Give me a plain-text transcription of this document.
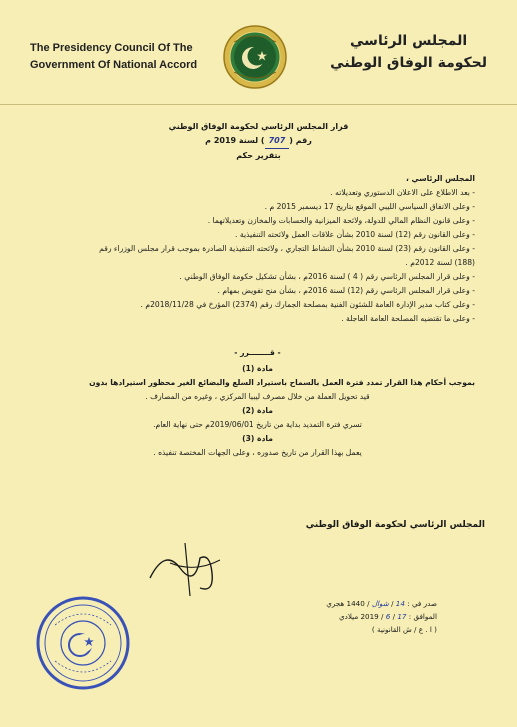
The Presidency Council Of The
Government Of National Accord
المجلس الرئاسي
لحكومة الوفاق الوطني
قرار المجلس الرئاسي لحكومة الوفاق الوطني
رقم (707) لسنة 2019 م
بتقرير حكم
المجلس الرئاسي ،
- بعد الاطلاع على الاعلان الدستوري وتعديلاته .
- وعلى الاتفاق السياسي الليبي الموقع بتاريخ 17 ديسمبر 2015 م .
- وعلى قانون النظام المالي للدولة، ولائحة الميزانية والحسابات والمخازن وتعديلاتهما .
- وعلى القانون رقم (12) لسنة 2010 بشأن علاقات العمل ولائحته التنفيذية .
- وعلى القانون رقم (23) لسنة 2010 بشأن النشاط التجاري ، ولائحته التنفيذية الصادرة بموجب قرار مجلس الوزراء رقم
(188) لسنة 2012م .
- وعلى قرار المجلس الرئاسي رقم ( 4 ) لسنة 2016م ، بشأن تشكيل حكومة الوفاق الوطني .
- وعلى قرار المجلس الرئاسي رقم (12) لسنة 2016م ، بشأن منح تفويض بمهام .
- وعلى كتاب مدير الإدارة العامة للشئون الفنية بمصلحة الجمارك رقم (2374) المؤرخ في 2018/11/28م .
- وعلى ما تقتضيه المصلحة العامة العاجلة .
- قــــــــرر -
مادة (1)
بموجب أحكام هذا القرار تمدد فترة العمل بالسماح باستيراد السلع والبضائع الغير محظور استيرادها بدون
قيد تحويل العملة من خلال مصرف ليبيا المركزي ، وغيره من المصارف .
مادة (2)
تسري فترة التمديد بداية من تاريخ 2019/06/01م حتى نهاية العام.
مادة (3)
يعمل بهذا القرار من تاريخ صدوره ، وعلى الجهات المختصة تنفيذه .
المجلس الرئاسي لحكومة الوفاق الوطني
صدر في : 14 / شوال / 1440 هجري
الموافق : 17 / 6 / 2019 ميلادي
( ا . ع / ش القانونية )
